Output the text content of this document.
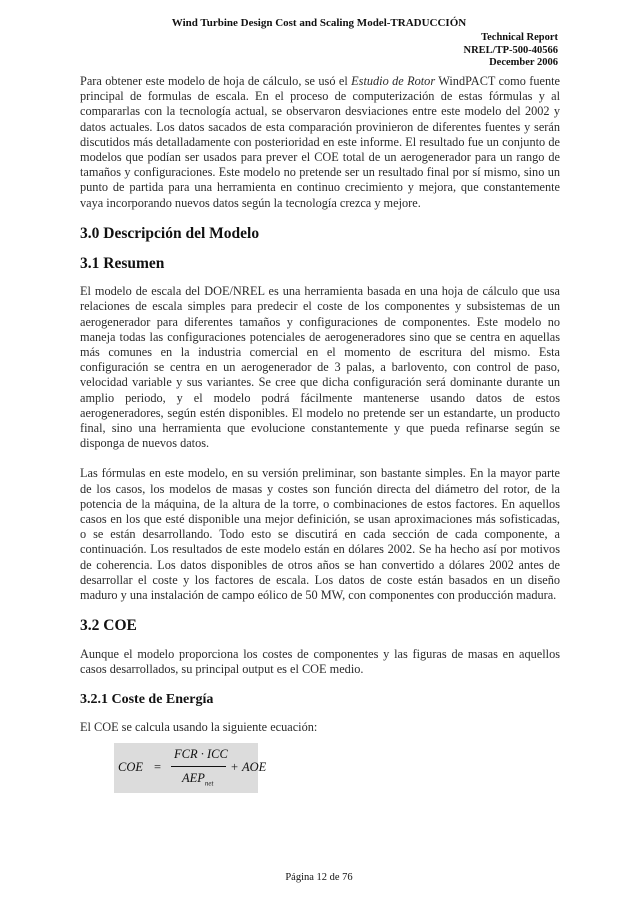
Wind Turbine Design Cost and Scaling Model-TRADUCCIÓN
Technical Report
NREL/TP-500-40566
December 2006

Para obtener este modelo de hoja de cálculo, se usó el Estudio de Rotor WindPACT como fuente principal de formulas de escala. En el proceso de computerización de estas fórmulas y al compararlas con la tecnología actual, se observaron desviaciones entre este modelo del 2002 y datos actuales. Los datos sacados de esta comparación provinieron de diferentes fuentes y serán discutidos más detalladamente con posterioridad en este informe. El resultado fue un conjunto de modelos que podían ser usados para prever el COE total de un aerogenerador para un rango de tamaños y configuraciones. Este modelo no pretende ser un resultado final por sí mismo, sino un punto de partida para una herramienta en continuo crecimiento y mejora, que constantemente vaya incorporando nuevos datos según la tecnología crezca y mejore.

3.0 Descripción del Modelo
3.1 Resumen

El modelo de escala del DOE/NREL es una herramienta basada en una hoja de cálculo que usa relaciones de escala simples para predecir el coste de los componentes y subsistemas de un aerogenerador para diferentes tamaños y configuraciones de componentes. Este modelo no maneja todas las configuraciones potenciales de aerogeneradores sino que se centra en aquellas más comunes en la industria comercial en el momento de escritura del mismo. Esta configuración se centra en un aerogenerador de 3 palas, a barlovento, con control de paso, velocidad variable y sus variantes. Se cree que dicha configuración será dominante durante un amplio periodo, y el modelo podrá fácilmente mantenerse usando datos de estos aerogeneradores, según estén disponibles. El modelo no pretende ser un estandarte, un producto final, sino una herramienta que evolucione constantemente y que pueda refinarse según se disponga de nuevos datos.

Las fórmulas en este modelo, en su versión preliminar, son bastante simples. En la mayor parte de los casos, los modelos de masas y costes son función directa del diámetro del rotor, de la potencia de la máquina, de la altura de la torre, o combinaciones de estos factores. En aquellos casos en los que esté disponible una mejor definición, se usan aproximaciones más sofisticadas, o se están desarrollando. Todo esto se discutirá en cada sección de cada componente, a continuación. Los resultados de este modelo están en dólares 2002. Se ha hecho así por motivos de coherencia. Los datos disponibles de otros años se han convertido a dólares 2002 antes de desarrollar el coste y los factores de escala. Los datos de coste están basados en un diseño maduro y una instalación de campo eólico de 50 MW, con componentes con producción madura.

3.2 COE

Aunque el modelo proporciona los costes de componentes y las figuras de masas en aquellos casos desarrollados, su principal output es el COE medio.

3.2.1 Coste de Energía

El COE se calcula usando la siguiente ecuación:

COE =
FCR · ICC
$AEP_{net}$
+ AOE
Página 12 de 76
